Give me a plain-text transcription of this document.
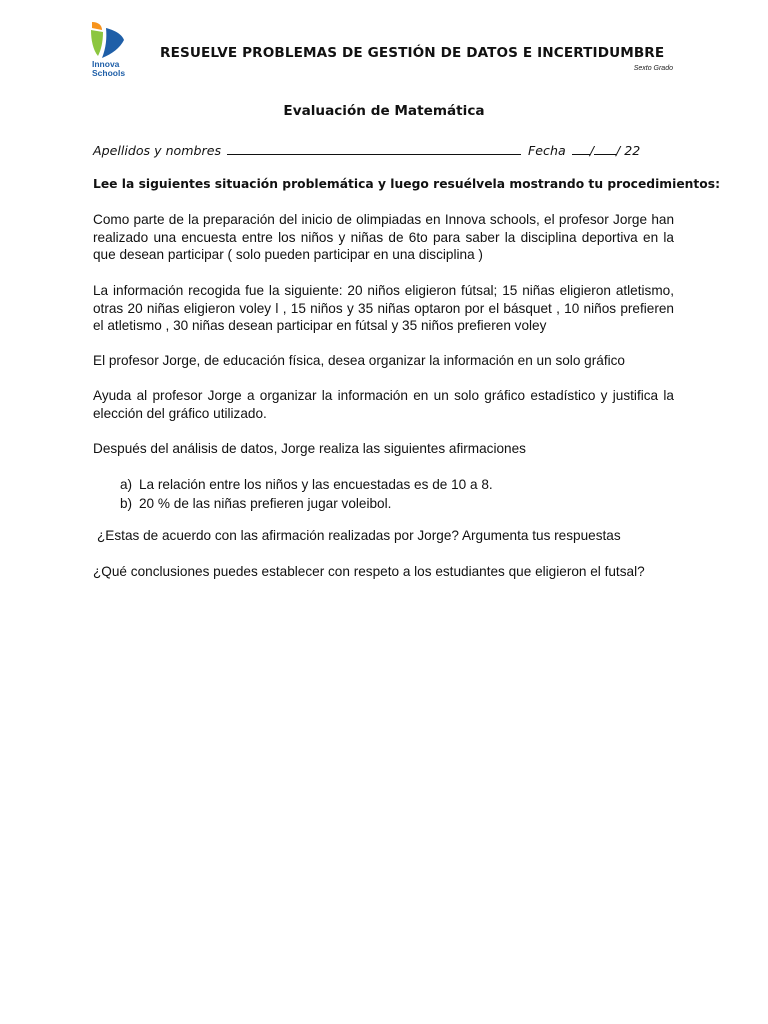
Innova
Schools
RESUELVE PROBLEMAS DE GESTIÓN DE DATOS E INCERTIDUMBRE
Sexto Grado
Evaluación de Matemática
Apellidos y nombres	Fecha / / 22
Lee la siguientes situación problemática y luego resuélvela mostrando tu procedimientos:
Como parte de la preparación del inicio de olimpiadas en Innova schools, el profesor Jorge han realizado una encuesta entre los niños y niñas de 6to para saber la disciplina deportiva en la que desean participar ( solo pueden participar en una disciplina )
La información recogida fue la siguiente: 20 niños eligieron fútsal; 15 niñas eligieron atletismo, otras 20 niñas eligieron voley l , 15 niños y 35 niñas optaron por el básquet , 10 niños prefieren el atletismo , 30 niñas desean participar en fútsal y 35 niños prefieren voley
El profesor Jorge, de educación física, desea organizar la información en un solo gráfico
Ayuda al profesor Jorge a organizar la información en un solo gráfico estadístico y justifica la elección del gráfico utilizado.
Después del análisis de datos, Jorge realiza las siguientes afirmaciones
a) La relación entre los niños y las encuestadas es de 10 a 8.
b) 20 % de las niñas prefieren jugar voleibol.
¿Estas de acuerdo con las afirmación realizadas por Jorge? Argumenta tus respuestas
¿Qué conclusiones puedes establecer con respeto a los estudiantes que eligieron el futsal?
